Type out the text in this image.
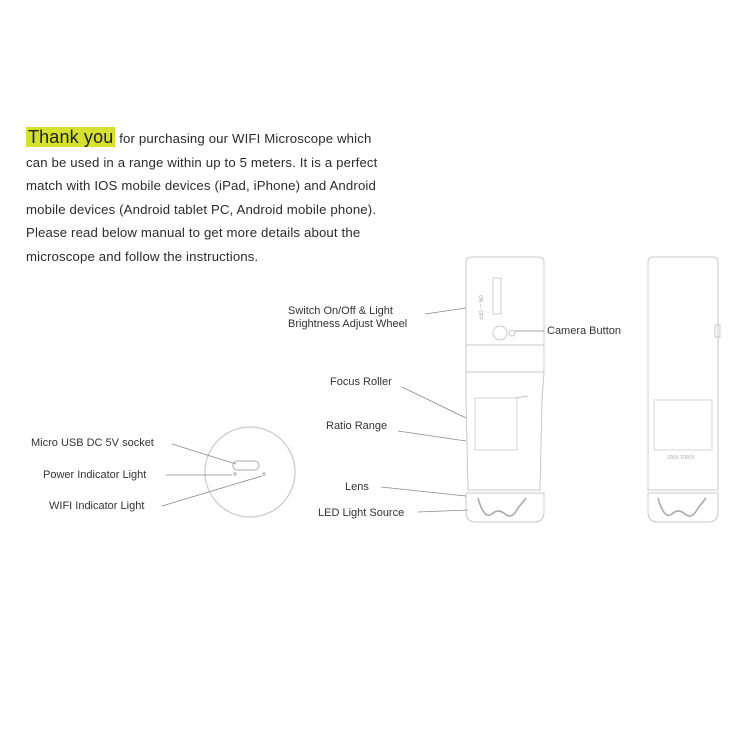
Thank you for purchasing our WIFI Microscope which
can be used in a range within up to 5 meters. It is a perfect
match with IOS mobile devices (iPad, iPhone) and Android
mobile devices (Android tablet PC, Android mobile phone).
Please read below manual to get more details about the
microscope and follow the instructions.
Switch On/Off & Light
Brightness Adjust Wheel
Camera Button
Focus Roller
Ratio Range
Lens
LED Light Source
Micro USB DC 5V socket
Power Indicator Light
WIFI Indicator Light
ON — OFF
200X 1000X
